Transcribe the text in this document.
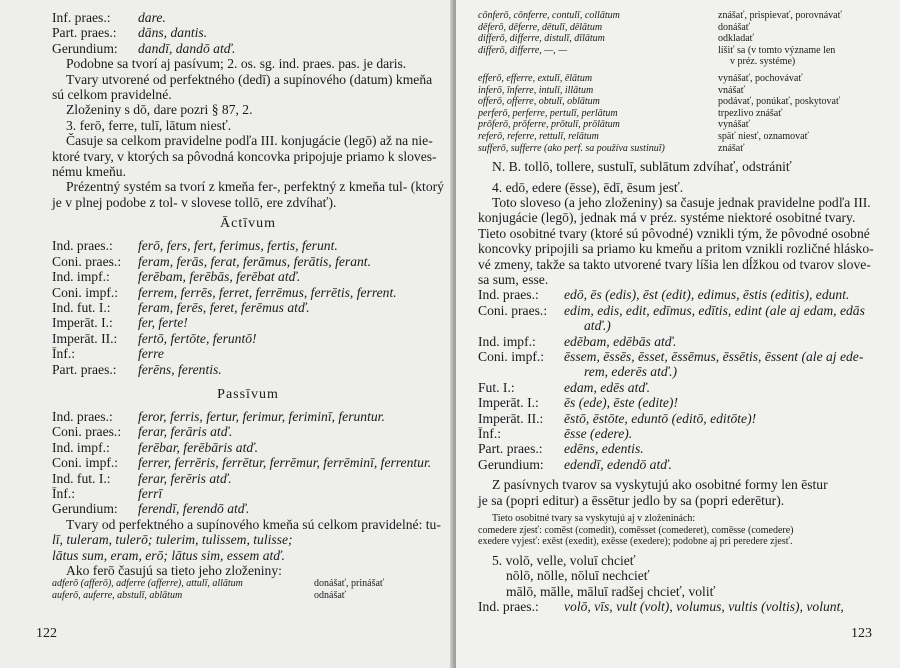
Inf. praes.:	dare.
Part. praes.:	dāns, dantis.
Gerundium:	dandī, dandō atď.
Podobne sa tvorí aj pasívum; 2. os. sg. ind. praes. pas. je daris.
Tvary utvorené od perfektného (dedī) a supínového (datum) kmeňa
sú celkom pravidelné.
Zloženiny s dō, dare pozri § 87, 2.
3. ferō, ferre, tulī, lātum niesť.
Časuje sa celkom pravidelne podľa III. konjugácie (legō) až na nie-
ktoré tvary, v ktorých sa pôvodná koncovka pripojuje priamo k sloves-
nému kmeňu.
Prézentný systém sa tvorí z kmeňa fer-, perfektný z kmeňa tul- (ktorý
je v plnej podobe z tol- v slovese tollō, ere zdvíhať).
Āctīvum
Ind. praes.:	ferō, fers, fert, ferimus, fertis, ferunt.
Coni. praes.:	feram, ferās, ferat, ferāmus, ferātis, ferant.
Ind. impf.:	ferēbam, ferēbās, ferēbat atď.
Coni. impf.:	ferrem, ferrēs, ferret, ferrēmus, ferrētis, ferrent.
Ind. fut. I.:	feram, ferēs, feret, ferēmus atď.
Imperāt. I.:	fer, ferte!
Imperāt. II.:	fertō, fertōte, feruntō!
Īnf.:	ferre
Part. praes.:	ferēns, ferentis.
Passīvum
Ind. praes.:	feror, ferris, fertur, ferimur, feriminī, feruntur.
Coni. praes.:	ferar, ferāris atď.
Ind. impf.:	ferēbar, ferēbāris atď.
Coni. impf.:	ferrer, ferrēris, ferrētur, ferrēmur, ferrēminī, ferrentur.
Ind. fut. I.:	ferar, ferēris atď.
Īnf.:	ferrī
Gerundium:	ferendī, ferendō atď.
Tvary od perfektného a supínového kmeňa sú celkom pravidelné: tu-
lī, tuleram, tulerō; tulerim, tulissem, tulisse;
lātus sum, eram, erō; lātus sim, essem atď.
Ako ferō časujú sa tieto jeho zloženiny:
adferō (afferō), adferre (afferre), attulī, allātum	donášať, prinášať
auferō, auferre, abstulī, ablātum	odnášať
122
cōnferō, cōnferre, contulī, collātum	znášať, prispievať, porovnávať
dēferō, dēferre, dētulī, dēlātum	donášať
differō, differre, distulī, dīlātum	odkladať
differō, differre, —, —	líšiť sa (v tomto význame len
v préz. systéme)
efferō, efferre, extulī, ēlātum	vynášať, pochovávať
inferō, īnferre, intulī, illātum	vnášať
offerō, offerre, obtulī, oblātum	podávať, ponúkať, poskytovať
perferō, perferre, pertulī, perlātum	trpezlivo znášať
prōferō, prōferre, prōtulī, prōlātum	vynášať
referō, referre, rettulī, relātum	späť niesť, oznamovať
sufferō, sufferre (ako perf. sa používa sustinuī)	znášať
N. B. tollō, tollere, sustulī, sublātum zdvíhať, odstrániť
4. edō, edere (ēsse), ēdī, ēsum jesť.
Toto sloveso (a jeho zloženiny) sa časuje jednak pravidelne podľa III.
konjugácie (legō), jednak má v préz. systéme niektoré osobitné tvary.
Tieto osobitné tvary (ktoré sú pôvodné) vznikli tým, že pôvodné osobné
koncovky pripojili sa priamo ku kmeňu a pritom vznikli rozličné hlásko-
vé zmeny, takže sa takto utvorené tvary líšia len dĺžkou od tvarov slove-
sa sum, esse.
Ind. praes.:	edō, ēs (edis), ēst (edit), edimus, ēstis (editis), edunt.
Coni. praes.:	edim, edis, edit, edīmus, edītis, edint (ale aj edam, edās
atď.)
Ind. impf.:	edēbam, edēbās atď.
Coni. impf.:	ēssem, ēssēs, ēsset, ēssēmus, ēssētis, ēssent (ale aj ede-
rem, ederēs atď.)
Fut. I.:	edam, edēs atď.
Imperāt. I.:	ēs (ede), ēste (edite)!
Imperāt. II.:	ēstō, ēstōte, eduntō (editō, editōte)!
Īnf.:	ēsse (edere).
Part. praes.:	edēns, edentis.
Gerundium:	edendī, edendō atď.
Z pasívnych tvarov sa vyskytujú ako osobitné formy len ēstur
je sa (popri editur) a ēssētur jedlo by sa (popri ederētur).
Tieto osobitné tvary sa vyskytujú aj v zloženinách:
comedere zjesť: comēst (comedit), comēsset (comederet), comēsse (comedere)
exedere vyjesť: exēst (exedit), exēsse (exedere); podobne aj pri peredere zjesť.
5. volō, velle, voluī chcieť
nōlō, nōlle, nōluī nechcieť
mālō, mālle, māluī radšej chcieť, voliť
Ind. praes.:	volō, vīs, vult (volt), volumus, vultis (voltis), volunt,
123
